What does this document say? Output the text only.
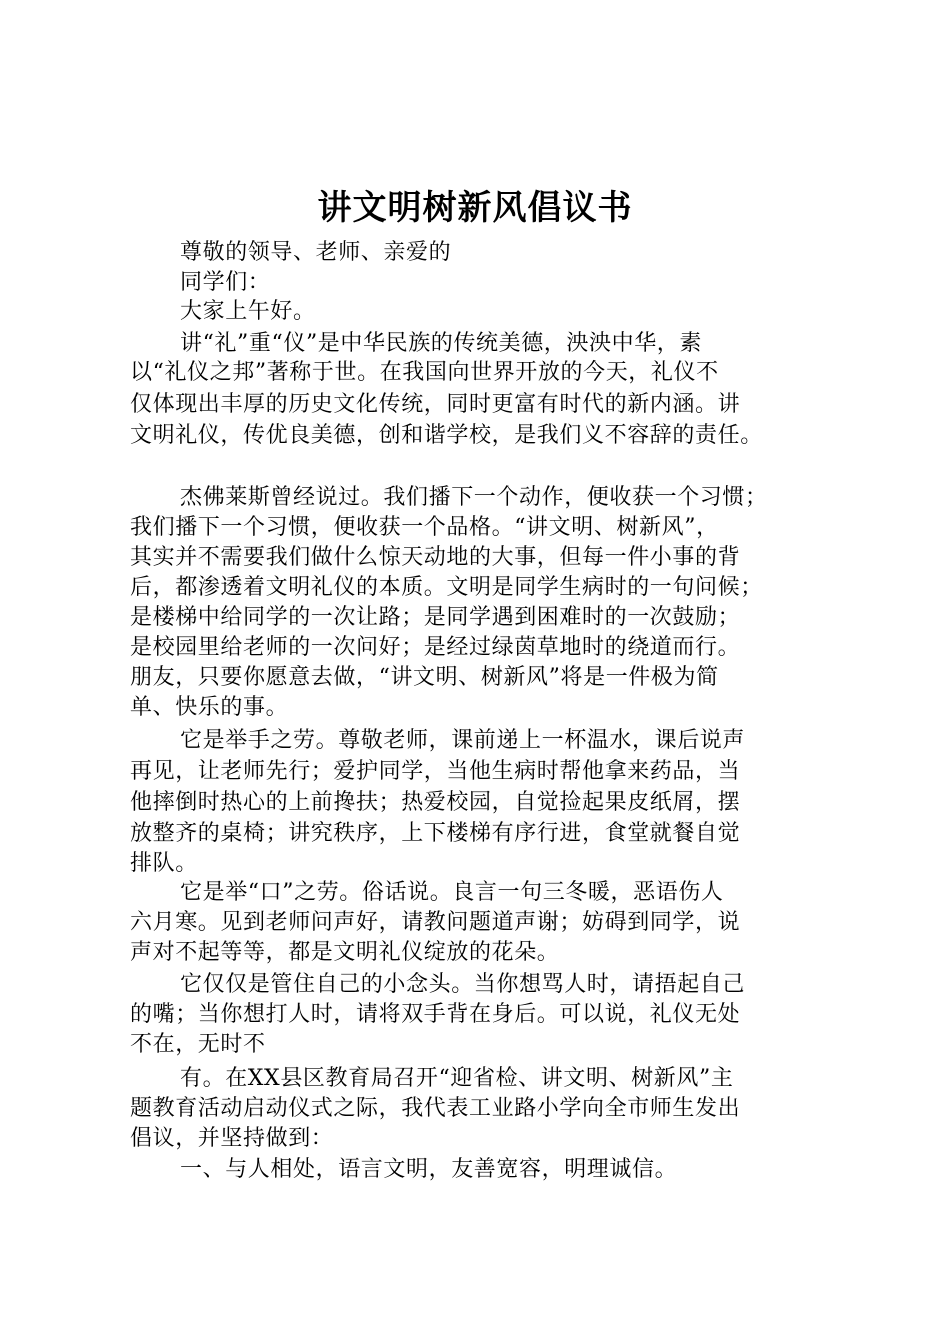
讲文明树新风倡议书
尊敬的领导、老师、亲爱的
同学们：
大家上午好。
讲“礼”重“仪”是中华民族的传统美德，泱泱中华，素
以“礼仪之邦”著称于世。在我国向世界开放的今天，礼仪不
仅体现出丰厚的历史文化传统，同时更富有时代的新内涵。讲
文明礼仪，传优良美德，创和谐学校，是我们义不容辞的责任。
杰佛莱斯曾经说过。我们播下一个动作，便收获一个习惯；
我们播下一个习惯，便收获一个品格。“讲文明、树新风”，
其实并不需要我们做什么惊天动地的大事，但每一件小事的背
后，都渗透着文明礼仪的本质。文明是同学生病时的一句问候；
是楼梯中给同学的一次让路；是同学遇到困难时的一次鼓励；
是校园里给老师的一次问好；是经过绿茵草地时的绕道而行。
朋友，只要你愿意去做，“讲文明、树新风”将是一件极为简
单、快乐的事。
它是举手之劳。尊敬老师，课前递上一杯温水，课后说声
再见，让老师先行；爱护同学，当他生病时帮他拿来药品，当
他摔倒时热心的上前搀扶；热爱校园，自觉捡起果皮纸屑，摆
放整齐的桌椅；讲究秩序，上下楼梯有序行进，食堂就餐自觉
排队。
它是举“口”之劳。俗话说。良言一句三冬暖，恶语伤人
六月寒。见到老师问声好，请教问题道声谢；妨碍到同学，说
声对不起等等，都是文明礼仪绽放的花朵。
它仅仅是管住自己的小念头。当你想骂人时，请捂起自己
的嘴；当你想打人时，请将双手背在身后。可以说，礼仪无处
不在，无时不
有。在XX县区教育局召开“迎省检、讲文明、树新风”主
题教育活动启动仪式之际，我代表工业路小学向全市师生发出
倡议，并坚持做到：
一、与人相处，语言文明，友善宽容，明理诚信。
